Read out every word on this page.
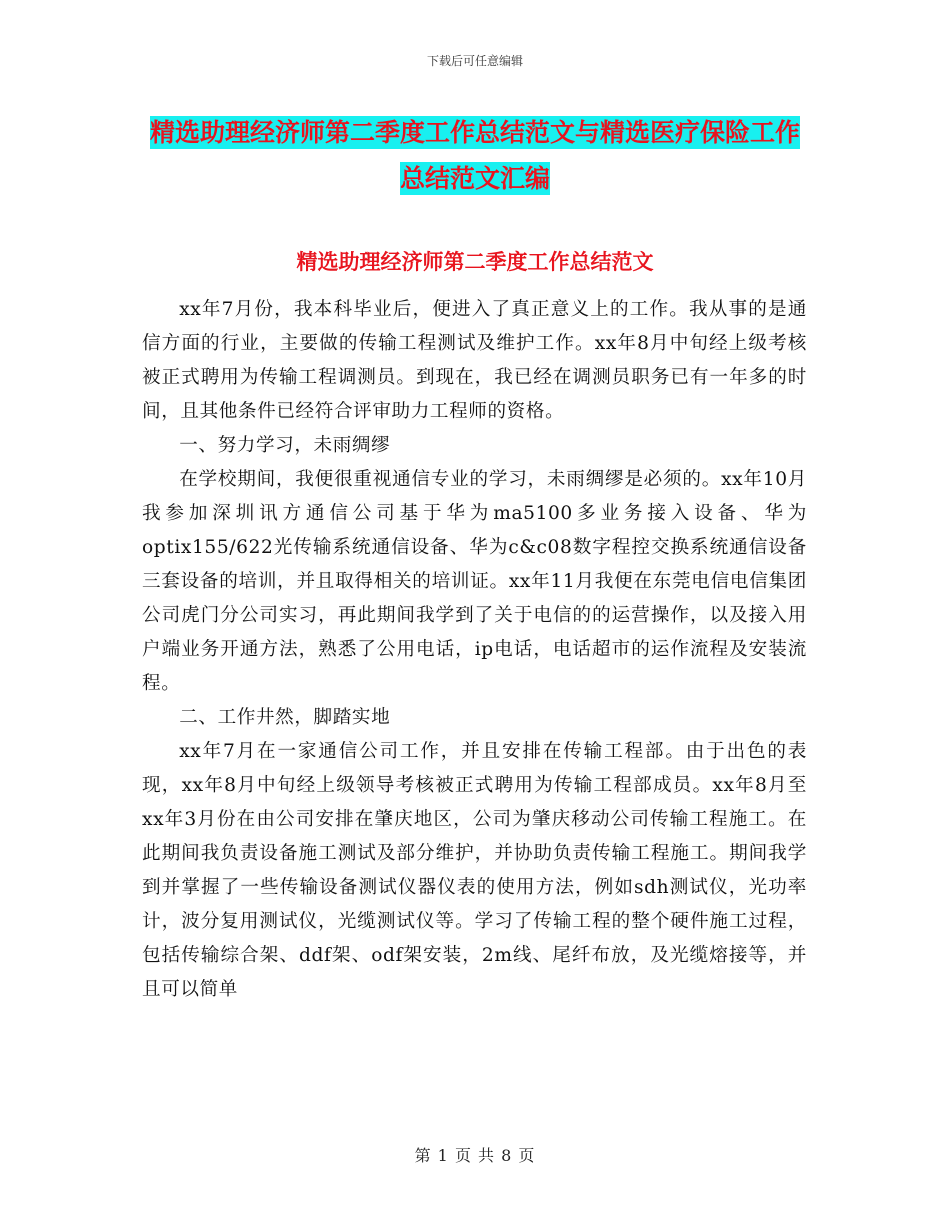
下载后可任意编辑
精选助理经济师第二季度工作总结范文与精选医疗保险工作总结范文汇编
精选助理经济师第二季度工作总结范文

xx年7月份，我本科毕业后，便进入了真正意义上的工作。我从事的是通信方面的行业，主要做的传输工程测试及维护工作。xx年8月中旬经上级考核被正式聘用为传输工程调测员。到现在，我已经在调测员职务已有一年多的时间，且其他条件已经符合评审助力工程师的资格。

一、努力学习，未雨绸缪

在学校期间，我便很重视通信专业的学习，未雨绸缪是必须的。xx年10月我参加深圳讯方通信公司基于华为ma5100多业务接入设备、华为optix155/622光传输系统通信设备、华为c&c08数字程控交换系统通信设备三套设备的培训，并且取得相关的培训证。xx年11月我便在东莞电信电信集团公司虎门分公司实习，再此期间我学到了关于电信的的运营操作，以及接入用户端业务开通方法，熟悉了公用电话，ip电话，电话超市的运作流程及安装流程。

二、工作井然，脚踏实地

xx年7月在一家通信公司工作，并且安排在传输工程部。由于出色的表现，xx年8月中旬经上级领导考核被正式聘用为传输工程部成员。xx年8月至xx年3月份在由公司安排在肇庆地区，公司为肇庆移动公司传输工程施工。在此期间我负责设备施工测试及部分维护，并协助负责传输工程施工。期间我学到并掌握了一些传输设备测试仪器仪表的使用方法，例如sdh测试仪，光功率计，波分复用测试仪，光缆测试仪等。学习了传输工程的整个硬件施工过程，包括传输综合架、ddf架、odf架安装，2m线、尾纤布放，及光缆熔接等，并且可以简单

第 1 页 共 8 页
